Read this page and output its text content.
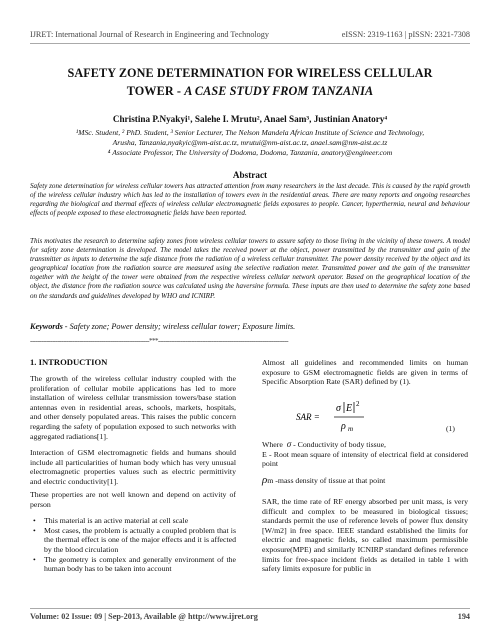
IJRET: International Journal of Research in Engineering and Technology	eISSN: 2319-1163 | pISSN: 2321-7308
SAFETY ZONE DETERMINATION FOR WIRELESS CELLULAR
TOWER - A CASE STUDY FROM TANZANIA
Christina P.Nyakyi¹, Salehe I. Mrutu², Anael Sam³, Justinian Anatory⁴
¹MSc. Student, ² PhD. Student, ³ Senior Lecturer, The Nelson Mandela African Institute of Science and Technology,
Arusha, Tanzania,nyakyic@nm-aist.ac.tz, mrutui@nm-aist.ac.tz, anael.sam@nm-aist.ac.tz
⁴ Associate Professor, The University of Dodoma, Dodoma, Tanzania, anatory@engineer.com
Abstract
Safety zone determination for wireless cellular towers has attracted attention from many researchers in the last decade. This is caused by the rapid growth of the wireless cellular industry which has led to the installation of towers even in the residential areas. There are many reports and ongoing researches regarding the biological and thermal effects of wireless cellular electromagnetic fields exposures to people. Cancer, hyperthermia, neural and behaviour effects of people exposed to these electromagnetic fields have been reported.
This motivates the research to determine safety zones from wireless cellular towers to assure safety to those living in the vicinity of these towers. A model for safety zone determination is developed. The model takes the received power at the object, power transmitted by the transmitter and gain of the transmitter as inputs to determine the safe distance from the radiation of a wireless cellular transmitter. The power density received by the object and its geographical location from the radiation source are measured using the selective radiation meter. Transmitted power and the gain of the transmitter together with the height of the tower were obtained from the respective wireless cellular network operator. Based on the geographical location of the object, the distance from the radiation source was calculated using the haversine formula. These inputs are then used to determine the safety zone based on the standards and guidelines developed by WHO and ICNIRP.
Keywords - Safety zone; Power density; wireless cellular tower; Exposure limits.
-----------------------------------------------------------------***-----------------------------------------------------------------------
1. INTRODUCTION
The growth of the wireless cellular industry coupled with the proliferation of cellular mobile applications has led to more installation of wireless cellular transmission towers/base station antennas even in residential areas, schools, markets, hospitals, and other densely populated areas. This raises the public concern regarding the safety of population exposed to such networks with aggregated radiations[1].
Interaction of GSM electromagnetic fields and humans should include all particularities of human body which has very unusual electromagnetic properties values such as electric permittivity and electric conductivity[1].
These properties are not well known and depend on activity of person
• This material is an active material at cell scale
• Most cases, the problem is actually a coupled problem that is the thermal effect is one of the major effects and it is affected by the blood circulation
• The geometry is complex and generally environment of the human body has to be taken into account
Almost all guidelines and recommended limits on human exposure to GSM electromagnetic fields are given in terms of Specific Absorption Rate (SAR) defined by (1).
SAR =
σ E 2
ρ m	(1)
Where σ - Conductivity of body tissue,
E - Root mean square of intensity of electrical field at considered point
ρm -mass density of tissue at that point
SAR, the time rate of RF energy absorbed per unit mass, is very difficult and complex to be measured in biological tissues; standards permit the use of reference levels of power flux density [W/m2] in free space. IEEE standard established the limits for electric and magnetic fields, so called maximum permissible exposure(MPE) and similarly ICNIRP standard defines reference limits for free-space incident fields as detailed in table 1 with safety limits exposure for public in
Volume: 02 Issue: 09 | Sep-2013, Available @ http://www.ijret.org	194
